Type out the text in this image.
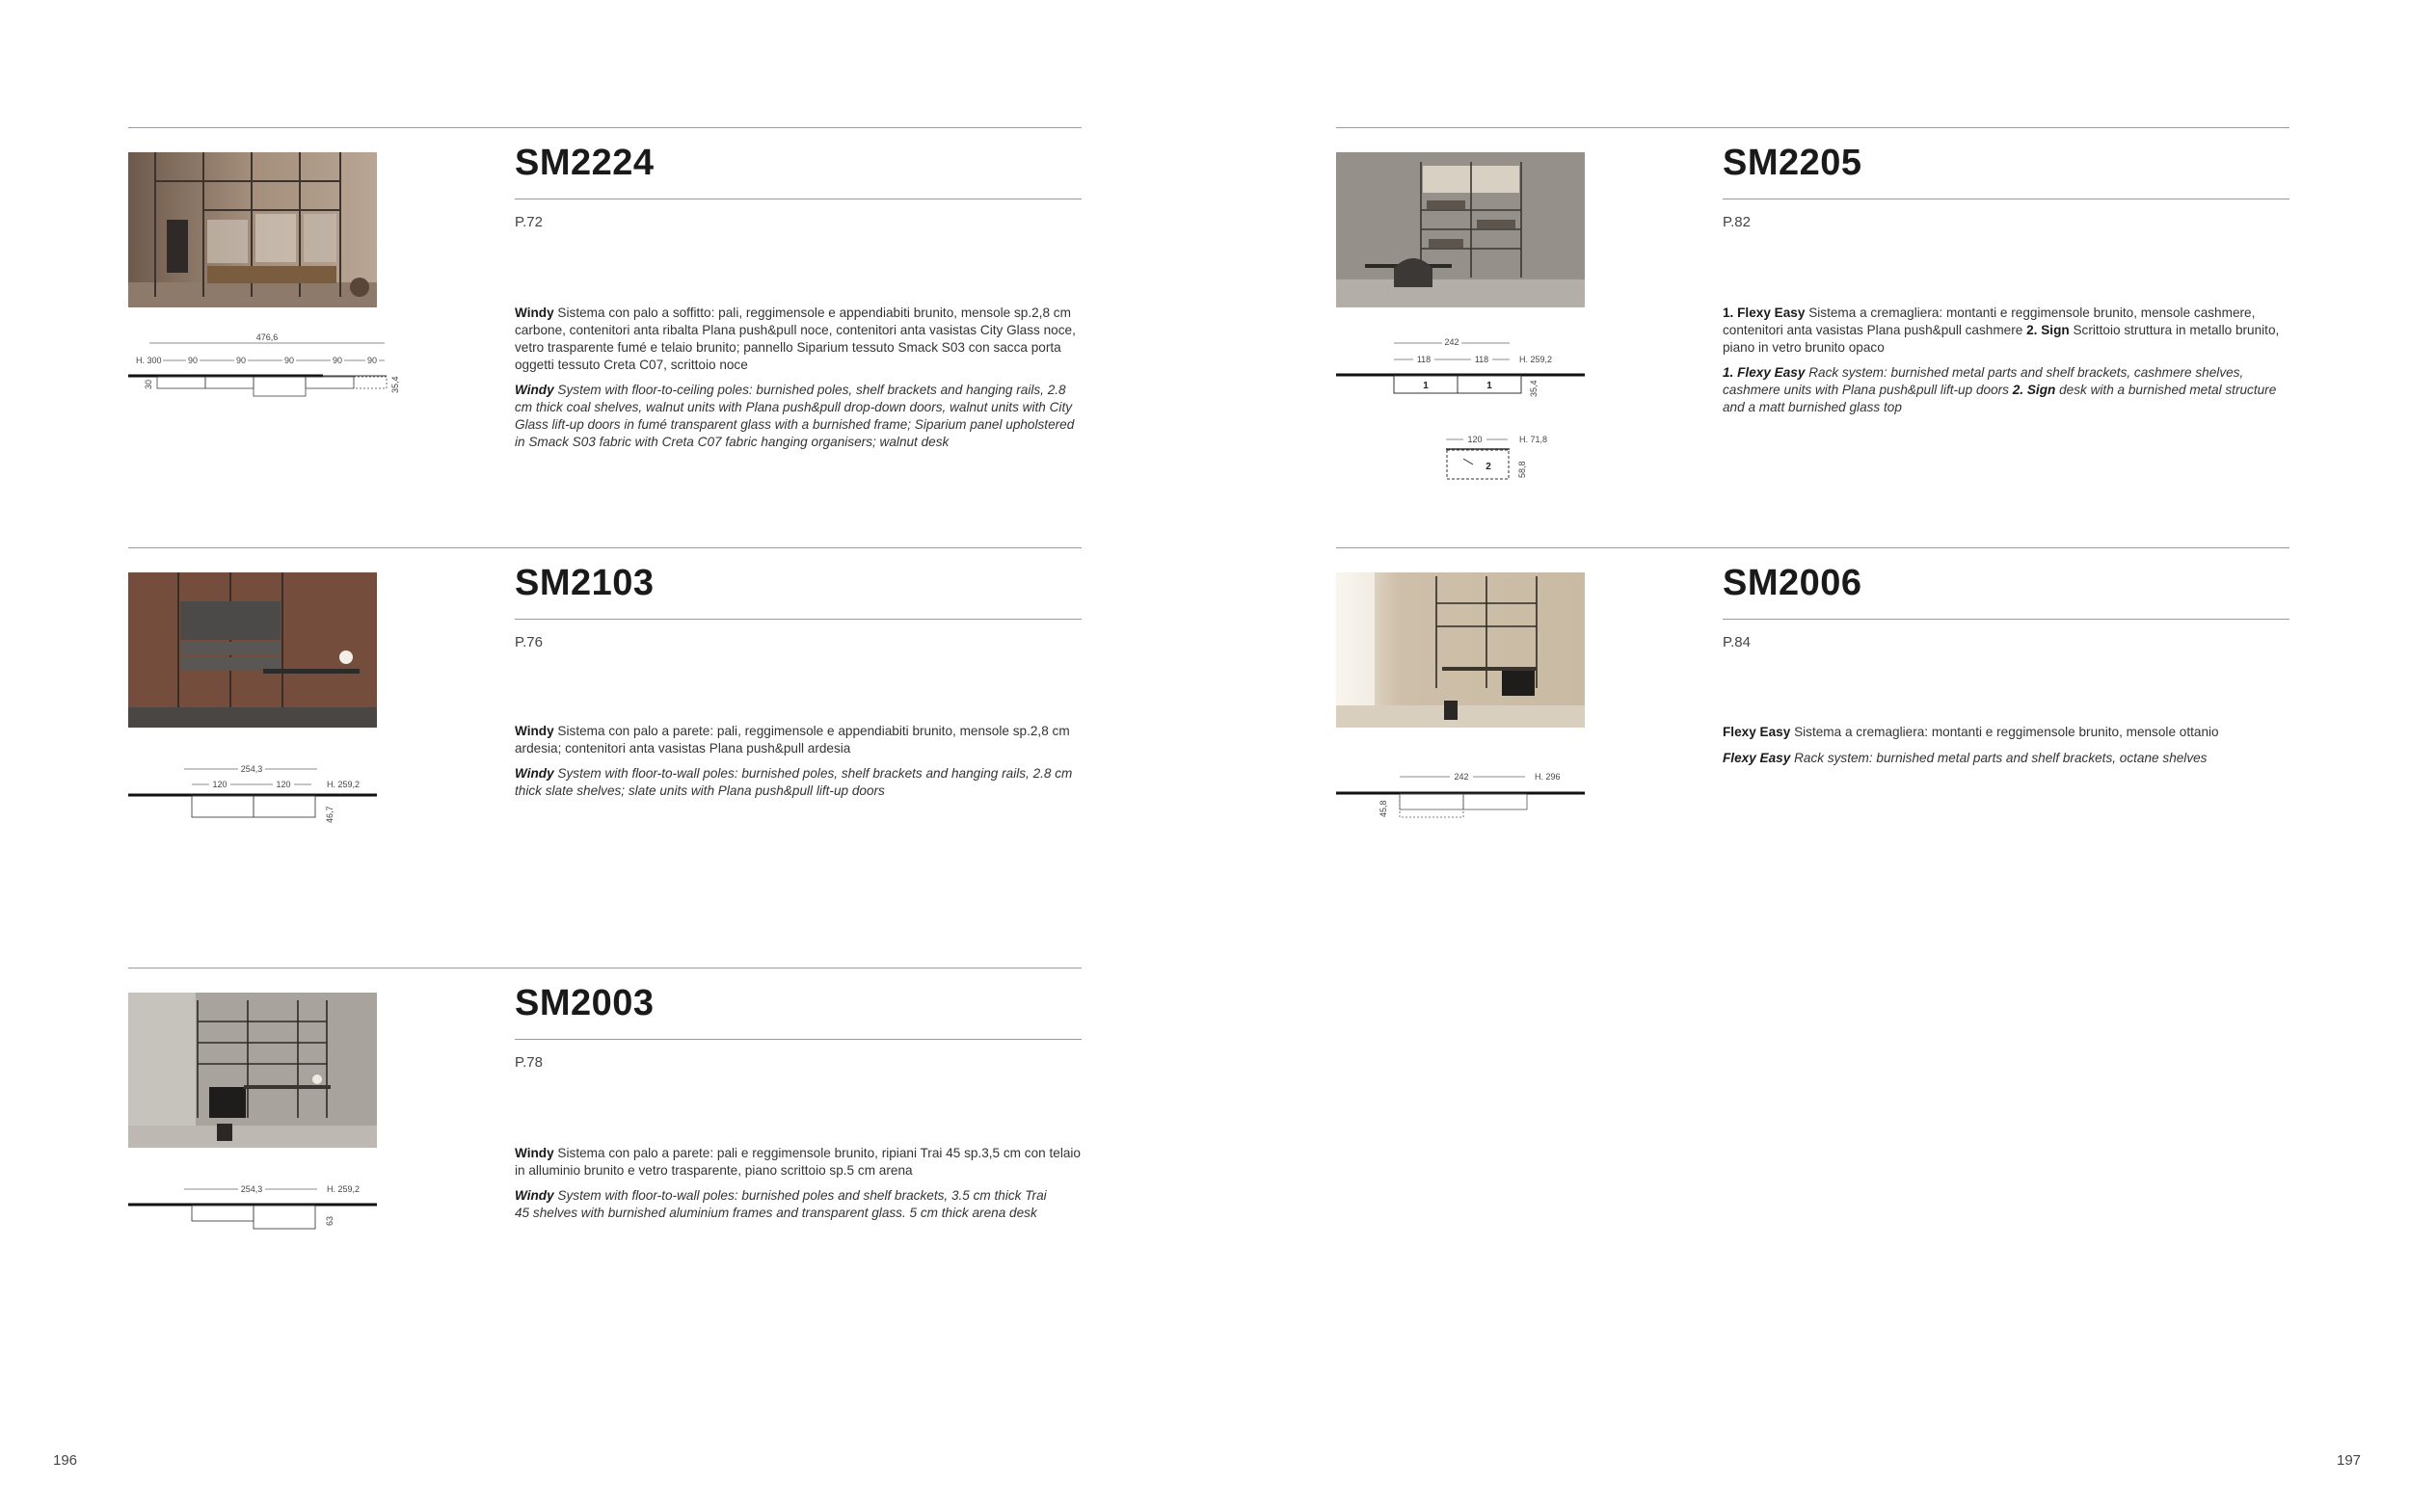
476,6
H. 300	90	90	90	90	90
30	35,4
SM2224
P.72

Windy Sistema con palo a soffitto: pali, reggimensole e appendiabiti brunito, mensole sp.2,8 cm carbone, contenitori anta ribalta Plana push&pull noce, contenitori anta vasistas City Glass noce, vetro trasparente fumé e telaio brunito; pannello Siparium tessuto Smack S03 con sacca porta oggetti tessuto Creta C07, scrittoio noce

Windy System with floor-to-ceiling poles: burnished poles, shelf brackets and hanging rails, 2.8 cm thick coal shelves, walnut units with Plana push&pull drop-down doors, walnut units with City Glass lift-up doors in fumé transparent glass with a burnished frame; Siparium panel upholstered in Smack S03 fabric with Creta C07 fabric hanging organisers; walnut desk

242
118	118	H. 259,2
1	1	35,4
120	H. 71,8
2	58,8
SM2205
P.82

1. Flexy Easy Sistema a cremagliera: montanti e reggimensole brunito, mensole cashmere, contenitori anta vasistas Plana push&pull cashmere 2. Sign Scrittoio struttura in metallo brunito, piano in vetro brunito opaco

1. Flexy Easy Rack system: burnished metal parts and shelf brackets, cashmere shelves, cashmere units with Plana push&pull lift-up doors 2. Sign desk with a burnished metal structure and a matt burnished glass top

254,3
120	120	H. 259,2
46,7
SM2103
P.76

Windy Sistema con palo a parete: pali, reggimensole e appendiabiti brunito, mensole sp.2,8 cm ardesia; contenitori anta vasistas Plana push&pull ardesia

Windy System with floor-to-wall poles: burnished poles, shelf brackets and hanging rails, 2.8 cm thick slate shelves; slate units with Plana push&pull lift-up doors

242	H. 296
45,8
SM2006
P.84

Flexy Easy Sistema a cremagliera: montanti e reggimensole brunito, mensole ottanio

Flexy Easy Rack system: burnished metal parts and shelf brackets, octane shelves

254,3	H. 259,2
63
SM2003
P.78

Windy Sistema con palo a parete: pali e reggimensole brunito, ripiani Trai 45 sp.3,5 cm con telaio in alluminio brunito e vetro trasparente, piano scrittoio sp.5 cm arena

Windy System with floor-to-wall poles: burnished poles and shelf brackets, 3.5 cm thick Trai 45 shelves with burnished aluminium frames and transparent glass. 5 cm thick arena desk

196	197
